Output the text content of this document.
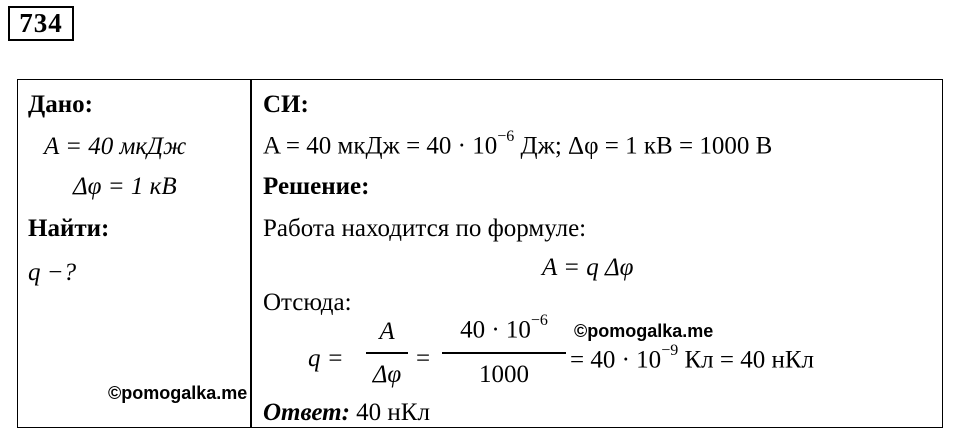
734
Дано:
A = 40 мкДж
Δφ = 1 кВ
Найти:
q −?
©pomogalka.me
СИ:
A = 40 мкДж = $40 \cdot 10^{-6}$ Дж; Δφ = 1 кВ = 1000 В
Решение:
Работа находится по формуле:
A = q Δφ
Отсюда:
©pomogalka.me
q =
A
Δφ
=
$40 \cdot 10^{-6}$
1000
= $40 \cdot 10^{-9}$ Кл = 40 нКл
Ответ: 40 нКл
